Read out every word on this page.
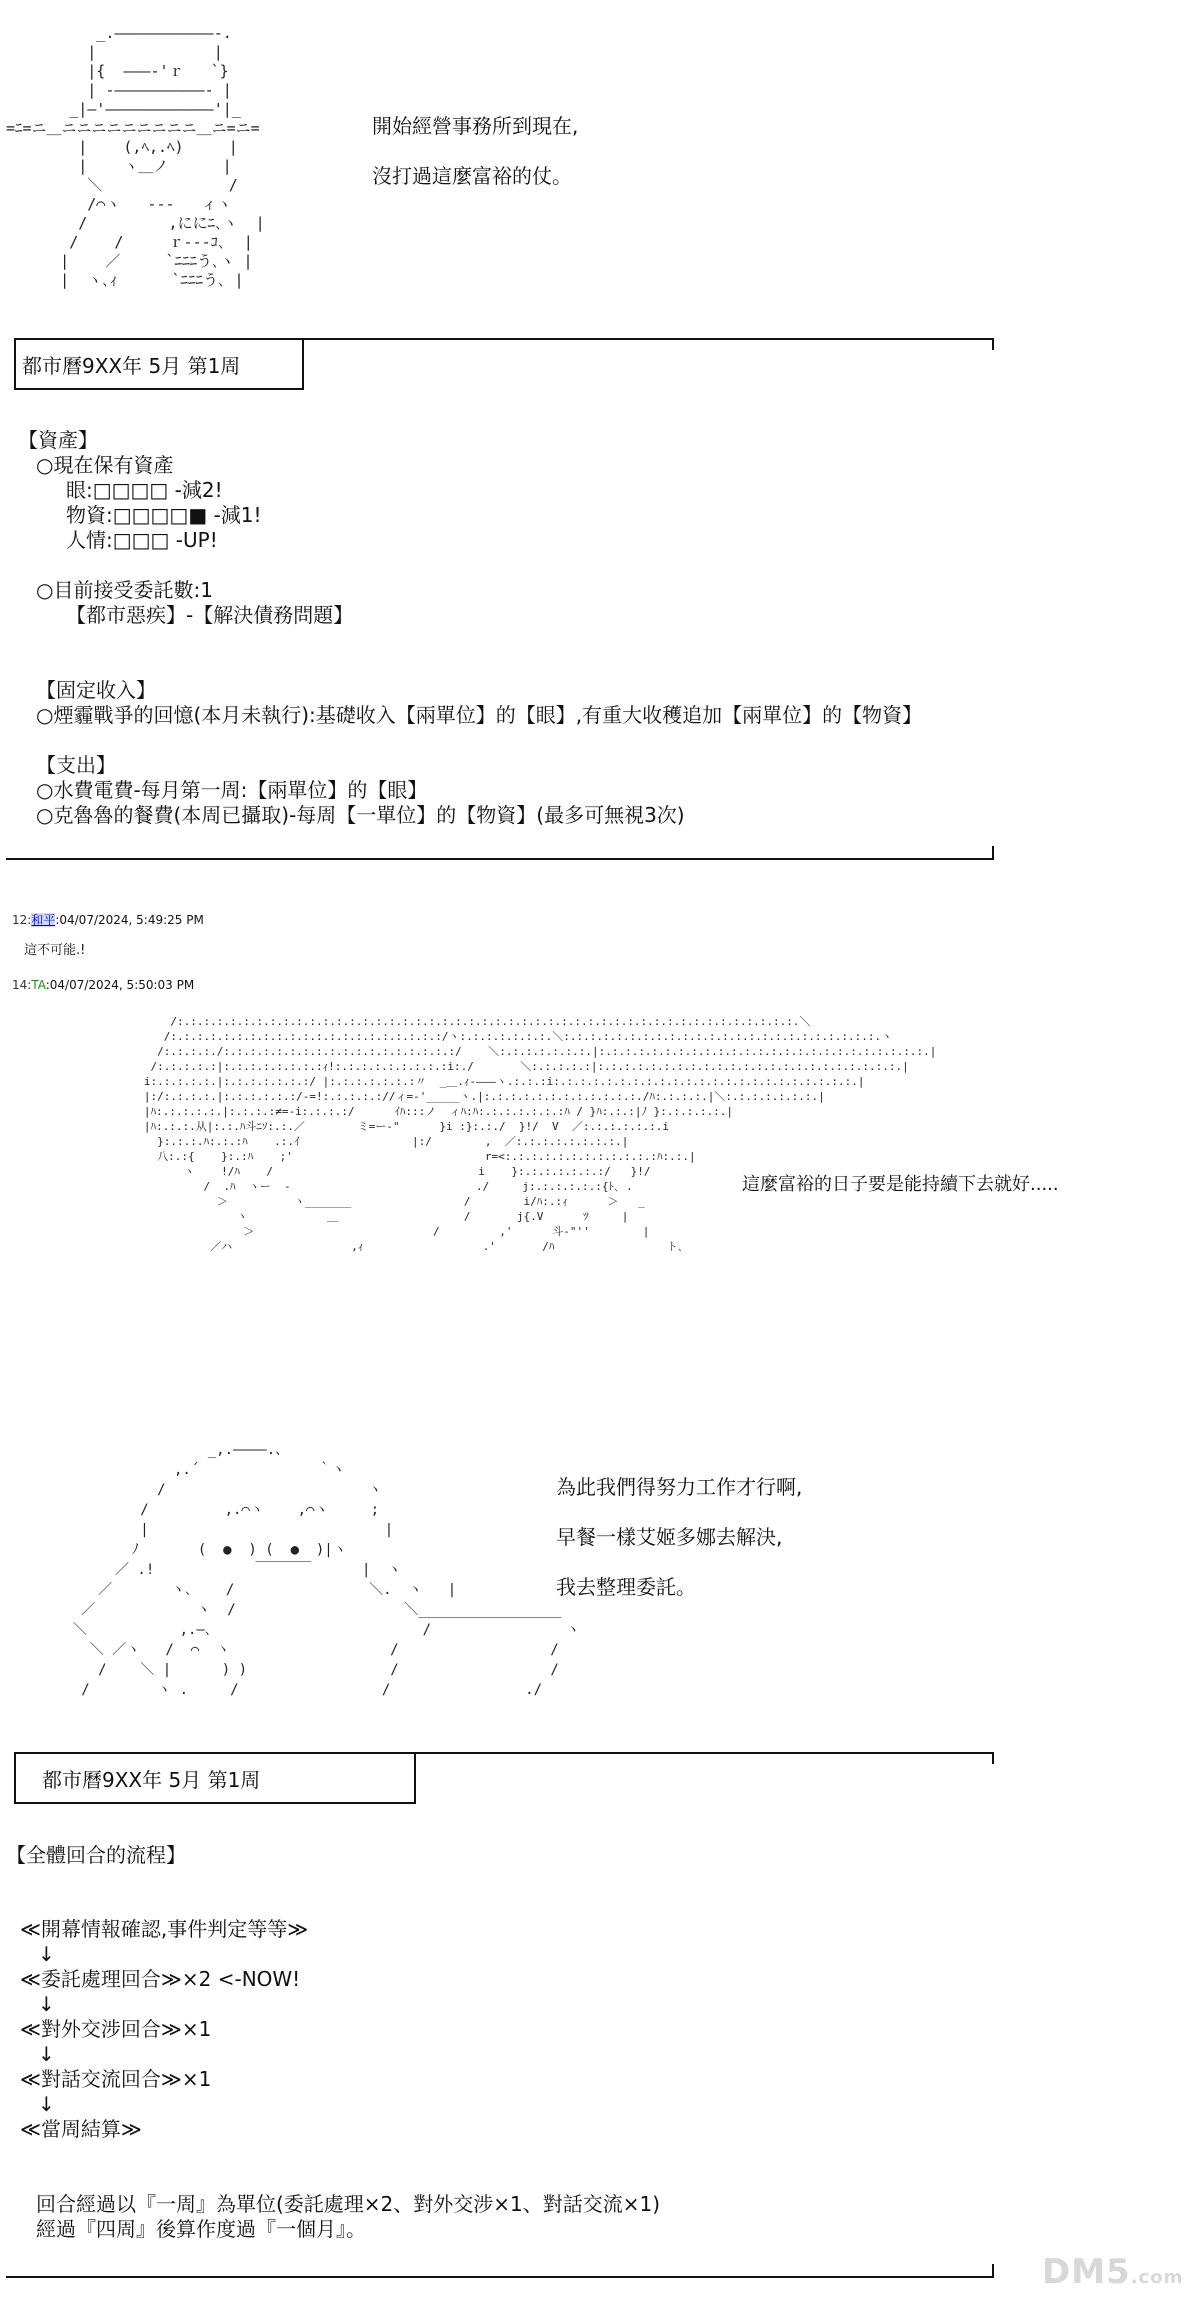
_.―――――――――――‐.
|             |
|{  ―――‐'ｒ   `}
| ‐――――――――――‐ |
_|―'――――――――――――'|_
=ﾆ=ニ＿ニニニニニニニニニ＿ニ=ニ=
|    (,ﾍ,.ﾍ)     |
|    ヽ＿ノ      |
＼              /
/⌒ヽ   ‐‐‐   ィヽ
/         ,ににﾆ､ヽ  |
/    /     ｒ‐‐‐ｺ､  |
|    ／     `ﾆﾆﾆう､ヽ |
|  ヽ､ｨ      `ﾆﾆﾆう､ |
開始經營事務所到現在,
沒打過這麼富裕的仗。
都市曆9XX年 5月 第1周
【資產】
○現在保有資產
眼:□□□□ -減2!
物資:□□□□■ -減1!
人情:□□□ -UP!
○目前接受委託數:1
【都市惡疾】-【解決債務問題】
【固定收入】
○煙霾戰爭的回憶(本月未執行):基礎收入【兩單位】的【眼】,有重大收穫追加【兩單位】的【物資】
【支出】
○水費電費-每月第一周:【兩單位】的【眼】
○克魯魯的餐費(本周已攝取)-每周【一單位】的【物資】(最多可無視3次)
12:和平:04/07/2024, 5:49:25 PM
這不可能.!
14:TA:04/07/2024, 5:50:03 PM
/:.:.:.:.:.:.:.:.:.:.:.:.:.:.:.:.:.:.:.:.:.:.:.:.:.:.:.:.:.:.:.:.:.:.:.:.:.:.:.:.:.:.:.:.:.:.:.＼
/:.:.:.:.:.:.:.:.:.:.:.:.:.:.:.:.:.:.:.:.:/ヽ:.:.:.:.:.:.:.＼:.:.:.:.:.:.:.:.:.:.:.:.:.:.:.:.:.:.:.:.:.:.:.:.ヽ
/:.:.:.:./:.:.:.:.:.:.:.:.:.:.:.:.:.:.:.:.:.:/    ＼:.:.:.:.:.:.:.|:.:.:.:.:.:.:.:.:.:.:.:.:.:.:.:.:.:.:.:.:.:.:.:.:.|
/:.:.:.:.:|:.:.:.:.:.:.:.:ｨ!:.:.:.:.:.:.:.:.:i:./       ＼:.:.:.:.:|:.:.:.:.:.:.:.:.:.:.:.:.:.:.:.:.:.:.:.:.:.:.:.|
i:.:.:.:.:.|:.:.:.:.:.:.:/ |:.:.:.:.:.:.:〃  _＿.ｨ‐―――ヽ.:.:.:i:.:.:.:.:.:.:.:.:.:.:.:.:.:.:.:.:.:.:.:.:.:.:.|
|:/:.:.:.:.|:.:.:.:.:.:/-=!:.:.:.:.://ィ=-'_____ヽ.|:.:.:.:.:.:.:.:.:.:.:.:./ﾊ:.:.:.:.|＼:.:.:.:.:.:.:.|
|ﾊ:.:.:.:.:.|:.:.:.:≠=-i:.:.:.:/      ｲﾊ:::ノ  ィﾊ:ﾊ:.:.:.:.:.:.:ﾊ / }ﾊ:.:.:|ﾉ }:.:.:.:.:.|
|ﾊ:.:.:.从|:.:.ﾊ斗ﾆｿ:.:.／        ミ=ー‐"      }i :}:.:./  }!/  V  ／:.:.:.:.:.:.i
}:.:.:.ﾊ:.:.:ﾊ    .:.ｲ                 |:/        ,  ／:.:.:.:.:.:.:.:.|
八:.:{    }:.:ﾊ    ;'                             r=<:.:.:.:.:.:.:.:.:.:.:.:ﾊ:.:.|
ヽ    !/ﾊ    /                               i    }:.:.:.:.:.:.:/   }!/
/  .ﾊ  ヽー  -                            ./     j:.:.:.:.:.:{ﾄ､ .
＞          ヽ_______                 /        i/ﾊ:.:ｨ      ＞   _
ヽ            ＿                   /       j{.V      ﾂ     |
＞                           /         ,'      斗‐"''        |
／ハ                  ,ｨ                  .'       /ﾊ                 ト､
這麼富裕的日子要是能持續下去就好.....
_,.――――.、
,.´              ｀ヽ
/                        ヽ
/         ,.⌒ヽ    ,⌒ヽ     ;
|                            |
ﾉ       (  ●  ) (  ●  )|ヽ
／ .!            ￣￣￣￣      |  ヽ
／       ヽ､    /                ＼.  ヽ   |
／            ヽ  /                    ＼_________________
＼           ,.―､                         /                ヽ
＼ ／ヽ   /  ⌒  ヽ                   /                  /
/    ＼ |      ) )                 /                  /
/        ヽ .     /                 /                ./
為此我們得努力工作才行啊,
早餐一樣艾姬多娜去解決,
我去整理委託。
都市曆9XX年 5月 第1周
【全體回合的流程】
≪開幕情報確認,事件判定等等≫
↓
≪委託處理回合≫×2 <-NOW!
↓
≪對外交涉回合≫×1
↓
≪對話交流回合≫×1
↓
≪當周結算≫
回合經過以『一周』為單位(委託處理×2、對外交涉×1、對話交流×1)
經過『四周』後算作度過『一個月』。
DM5.com
